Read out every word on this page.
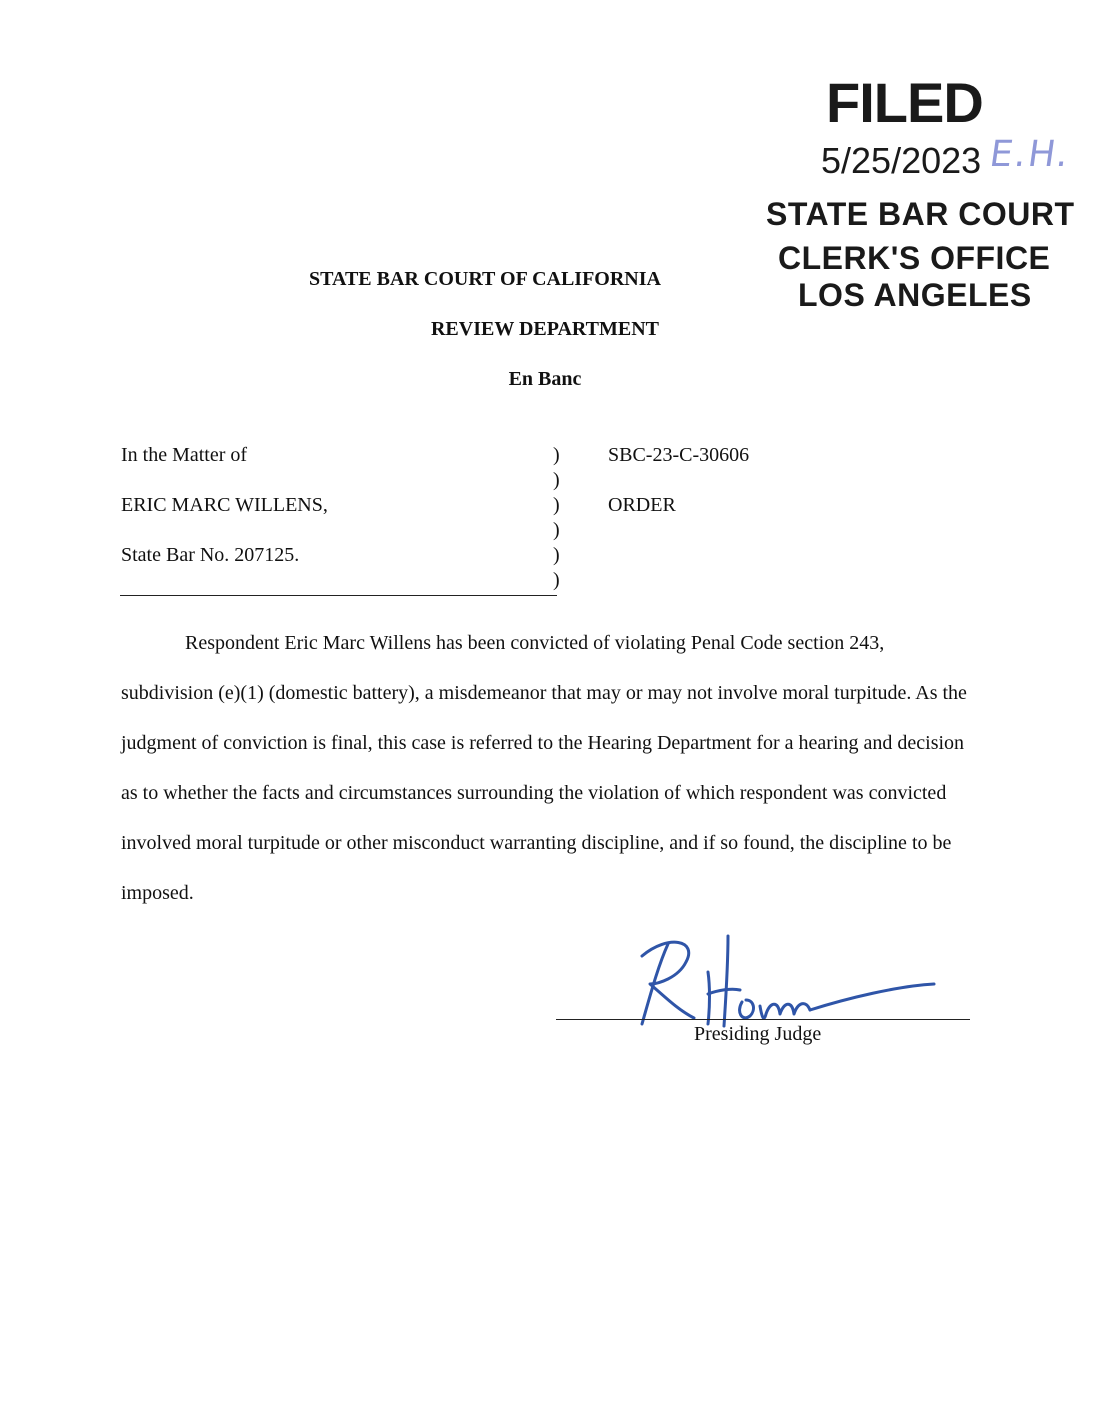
FILED
5/25/2023 E.H.
STATE BAR COURT
CLERK'S OFFICE
LOS ANGELES
STATE BAR COURT OF CALIFORNIA
REVIEW DEPARTMENT
En Banc
In the Matter of
ERIC MARC WILLENS,
State Bar No. 207125.
)
)
)
)
)
)
SBC-23-C-30606
ORDER
Respondent Eric Marc Willens has been convicted of violating Penal Code section 243, subdivision (e)(1) (domestic battery), a misdemeanor that may or may not involve moral turpitude. As the judgment of conviction is final, this case is referred to the Hearing Department for a hearing and decision as to whether the facts and circumstances surrounding the violation of which respondent was convicted involved moral turpitude or other misconduct warranting discipline, and if so found, the discipline to be imposed.
Presiding Judge
